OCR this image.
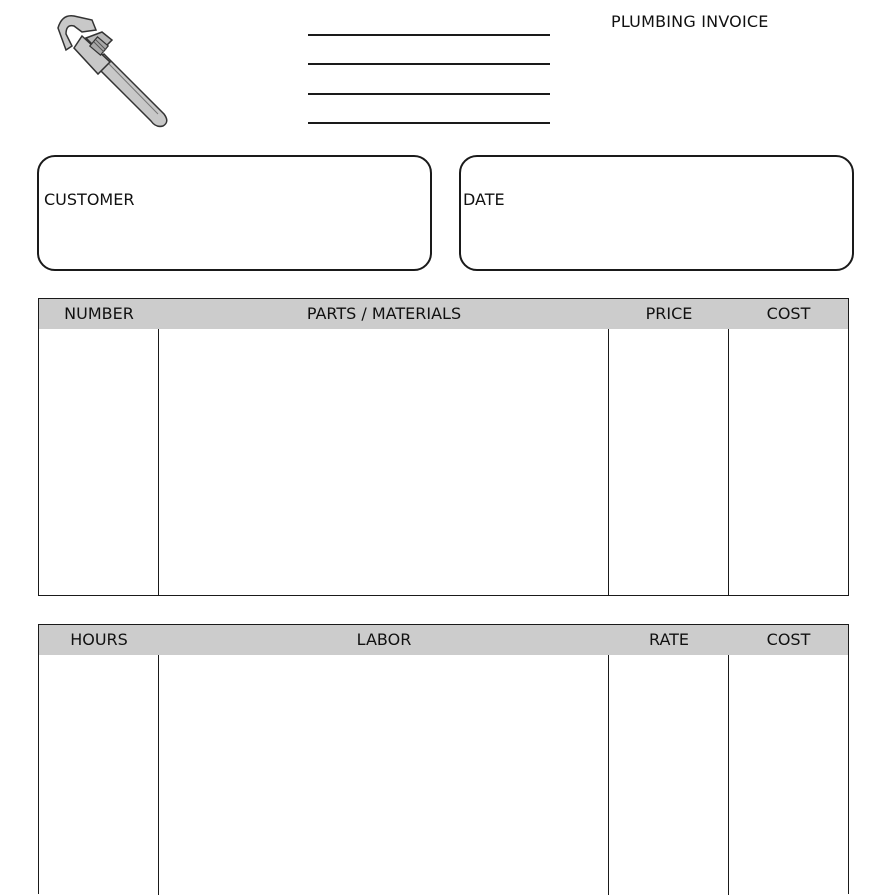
PLUMBING INVOICE
CUSTOMER	DATE
NUMBER	PARTS / MATERIALS	PRICE	COST
HOURS	LABOR	RATE	COST
